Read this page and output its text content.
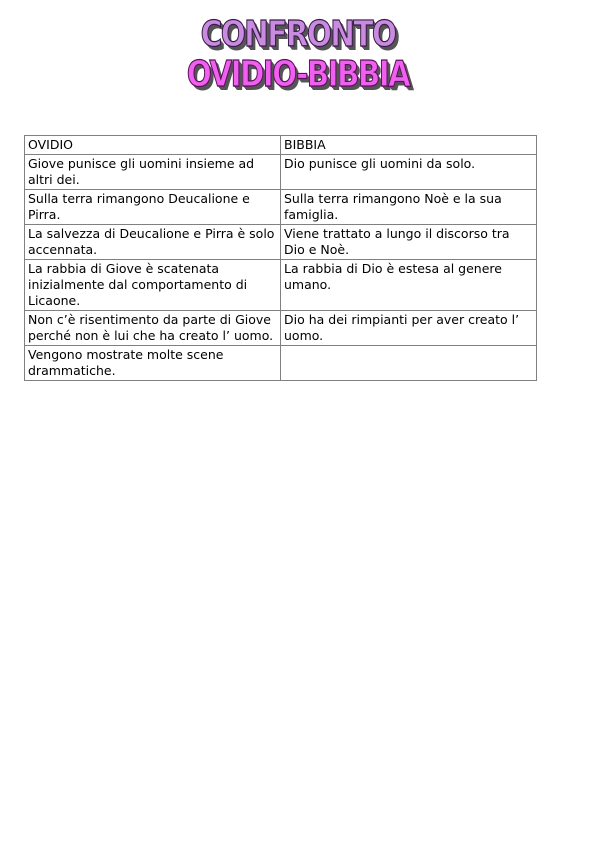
CONFRONTO
OVIDIO-BIBBIA
OVIDIO	BIBBIA
Giove punisce gli uomini insieme ad altri dei.	Dio punisce gli uomini da solo.
Sulla terra rimangono Deucalione e Pirra.	Sulla terra rimangono Noè e la sua famiglia.
La salvezza di Deucalione e Pirra è solo accennata.	Viene trattato a lungo il discorso tra Dio e Noè.
La rabbia di Giove è scatenata inizialmente dal comportamento di Licaone.	La rabbia di Dio è estesa al genere umano.
Non c’è risentimento da parte di Giove perché non è lui che ha creato l’ uomo.	Dio ha dei rimpianti per aver creato l’ uomo.
Vengono mostrate molte scene drammatiche.	
